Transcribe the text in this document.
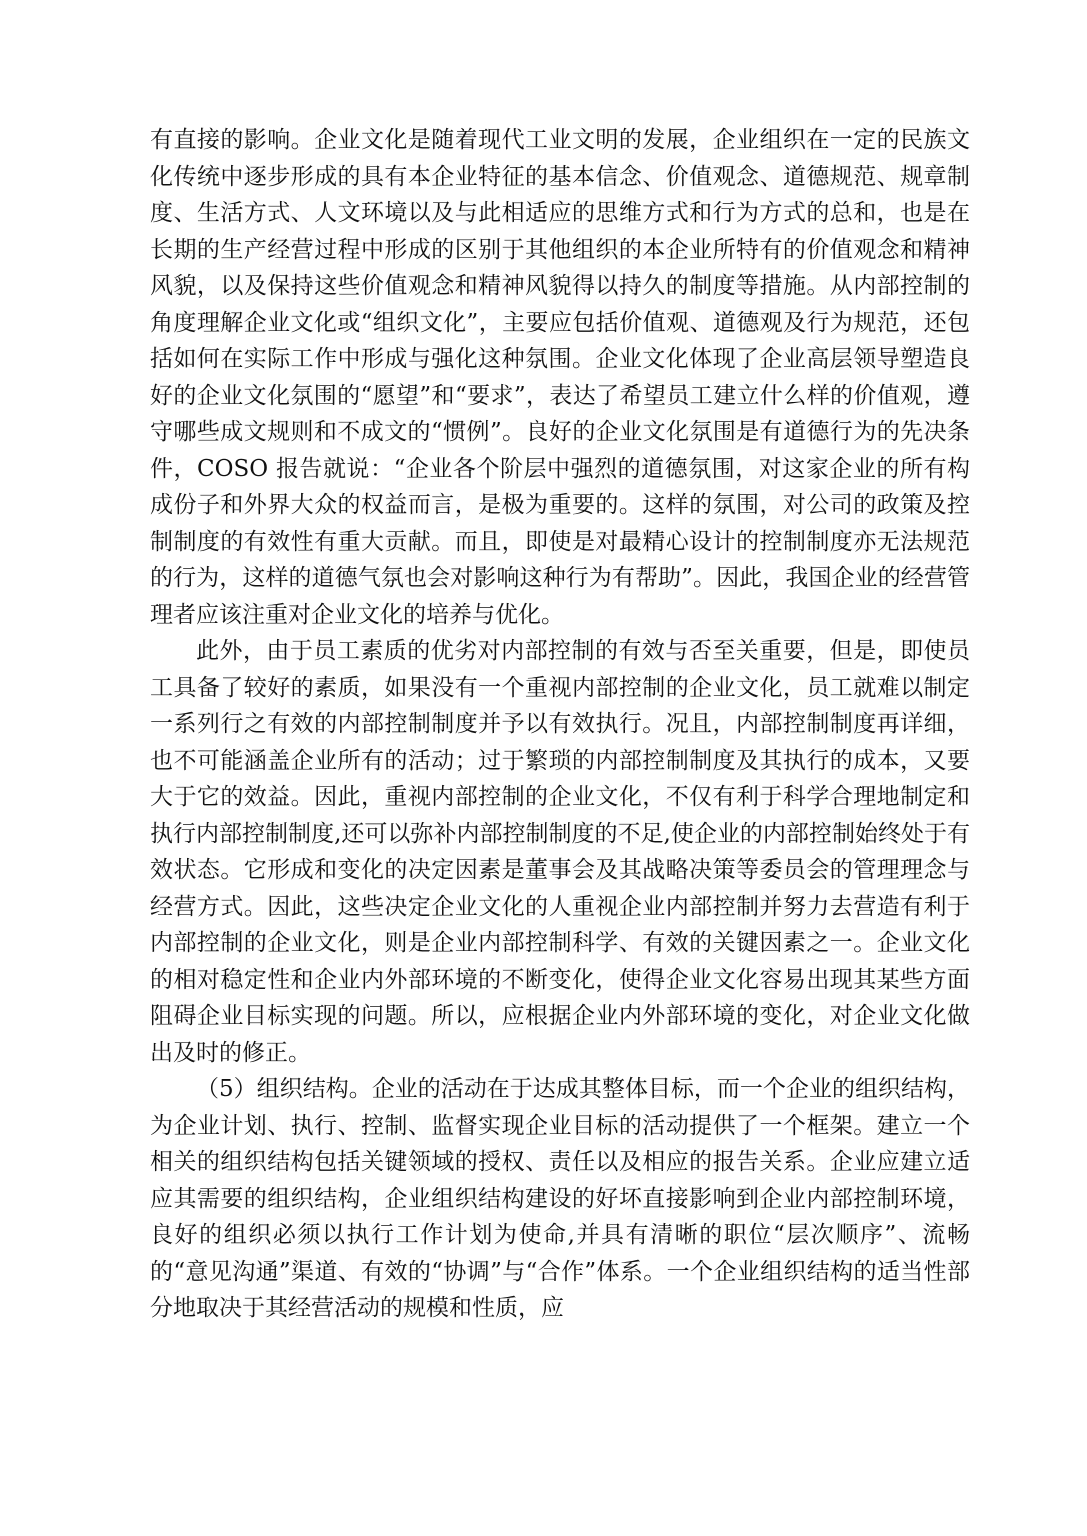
有直接的影响。企业文化是随着现代工业文明的发展，企业组织在一定的民族文化传统中逐步形成的具有本企业特征的基本信念、价值观念、道德规范、规章制度、生活方式、人文环境以及与此相适应的思维方式和行为方式的总和，也是在长期的生产经营过程中形成的区别于其他组织的本企业所特有的价值观念和精神风貌，以及保持这些价值观念和精神风貌得以持久的制度等措施。从内部控制的角度理解企业文化或“组织文化”，主要应包括价值观、道德观及行为规范，还包括如何在实际工作中形成与强化这种氛围。企业文化体现了企业高层领导塑造良好的企业文化氛围的“愿望”和“要求”，表达了希望员工建立什么样的价值观，遵守哪些成文规则和不成文的“惯例”。良好的企业文化氛围是有道德行为的先决条件，COSO 报告就说：“企业各个阶层中强烈的道德氛围，对这家企业的所有构成份子和外界大众的权益而言，是极为重要的。这样的氛围，对公司的政策及控制制度的有效性有重大贡献。而且，即使是对最精心设计的控制制度亦无法规范的行为，这样的道德气氛也会对影响这种行为有帮助”。因此，我国企业的经营管理者应该注重对企业文化的培养与优化。

此外，由于员工素质的优劣对内部控制的有效与否至关重要，但是，即使员工具备了较好的素质，如果没有一个重视内部控制的企业文化，员工就难以制定一系列行之有效的内部控制制度并予以有效执行。况且，内部控制制度再详细，也不可能涵盖企业所有的活动；过于繁琐的内部控制制度及其执行的成本，又要大于它的效益。因此，重视内部控制的企业文化，不仅有利于科学合理地制定和执行内部控制制度,还可以弥补内部控制制度的不足,使企业的内部控制始终处于有效状态。它形成和变化的决定因素是董事会及其战略决策等委员会的管理理念与经营方式。因此，这些决定企业文化的人重视企业内部控制并努力去营造有利于内部控制的企业文化，则是企业内部控制科学、有效的关键因素之一。企业文化的相对稳定性和企业内外部环境的不断变化，使得企业文化容易出现其某些方面阻碍企业目标实现的问题。所以，应根据企业内外部环境的变化，对企业文化做出及时的修正。

（5）组织结构。企业的活动在于达成其整体目标，而一个企业的组织结构，为企业计划、执行、控制、监督实现企业目标的活动提供了一个框架。建立一个相关的组织结构包括关键领域的授权、责任以及相应的报告关系。企业应建立适应其需要的组织结构，企业组织结构建设的好坏直接影响到企业内部控制环境，良好的组织必须以执行工作计划为使命,并具有清晰的职位“层次顺序”、流畅的“意见沟通”渠道、有效的“协调”与“合作”体系。一个企业组织结构的适当性部分地取决于其经营活动的规模和性质，应
